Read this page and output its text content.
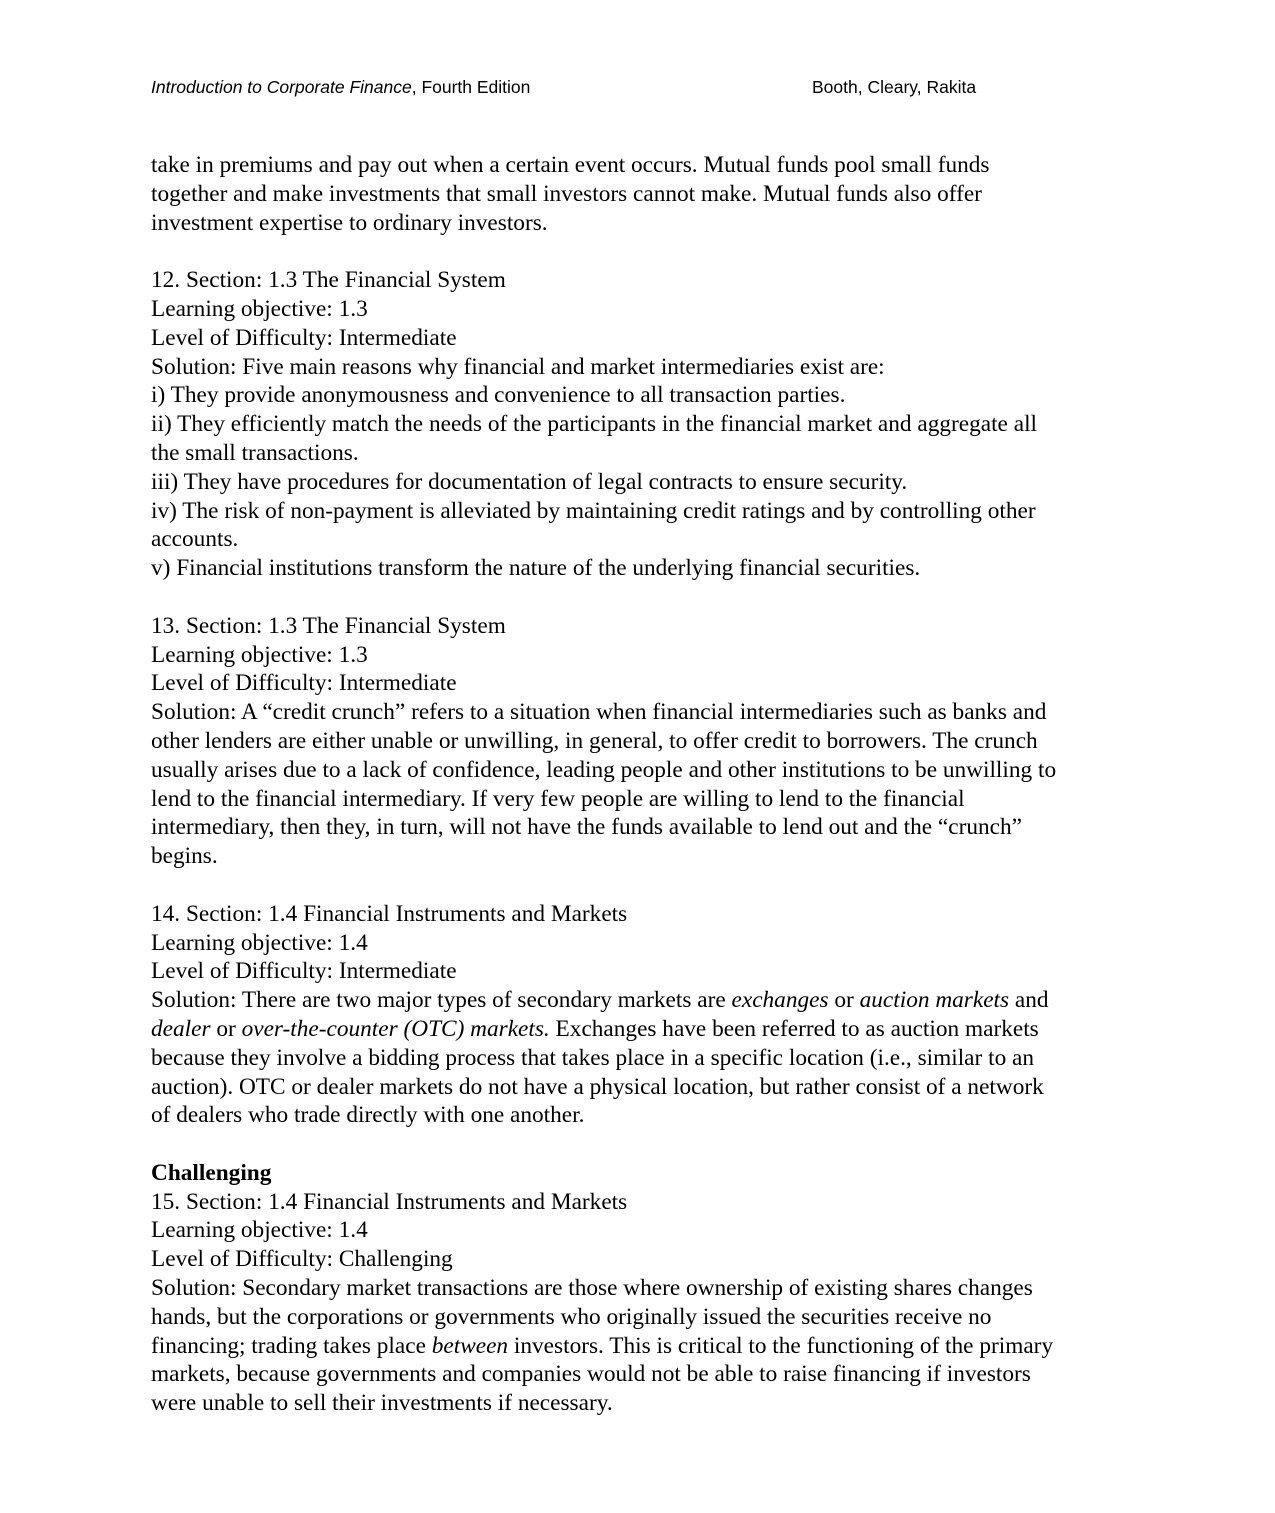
Introduction to Corporate Finance, Fourth Edition	Booth, Cleary, Rakita
take in premiums and pay out when a certain event occurs. Mutual funds pool small funds
together and make investments that small investors cannot make. Mutual funds also offer
investment expertise to ordinary investors.
12. Section: 1.3 The Financial System
Learning objective: 1.3
Level of Difficulty: Intermediate
Solution: Five main reasons why financial and market intermediaries exist are:
i) They provide anonymousness and convenience to all transaction parties.
ii) They efficiently match the needs of the participants in the financial market and aggregate all
the small transactions.
iii) They have procedures for documentation of legal contracts to ensure security.
iv) The risk of non-payment is alleviated by maintaining credit ratings and by controlling other
accounts.
v) Financial institutions transform the nature of the underlying financial securities.
13. Section: 1.3 The Financial System
Learning objective: 1.3
Level of Difficulty: Intermediate
Solution: A “credit crunch” refers to a situation when financial intermediaries such as banks and
other lenders are either unable or unwilling, in general, to offer credit to borrowers. The crunch
usually arises due to a lack of confidence, leading people and other institutions to be unwilling to
lend to the financial intermediary. If very few people are willing to lend to the financial
intermediary, then they, in turn, will not have the funds available to lend out and the “crunch”
begins.
14. Section: 1.4 Financial Instruments and Markets
Learning objective: 1.4
Level of Difficulty: Intermediate
Solution: There are two major types of secondary markets are exchanges or auction markets and
dealer or over-the-counter (OTC) markets. Exchanges have been referred to as auction markets
because they involve a bidding process that takes place in a specific location (i.e., similar to an
auction). OTC or dealer markets do not have a physical location, but rather consist of a network
of dealers who trade directly with one another.
Challenging
15. Section: 1.4 Financial Instruments and Markets
Learning objective: 1.4
Level of Difficulty: Challenging
Solution: Secondary market transactions are those where ownership of existing shares changes
hands, but the corporations or governments who originally issued the securities receive no
financing; trading takes place between investors. This is critical to the functioning of the primary
markets, because governments and companies would not be able to raise financing if investors
were unable to sell their investments if necessary.
